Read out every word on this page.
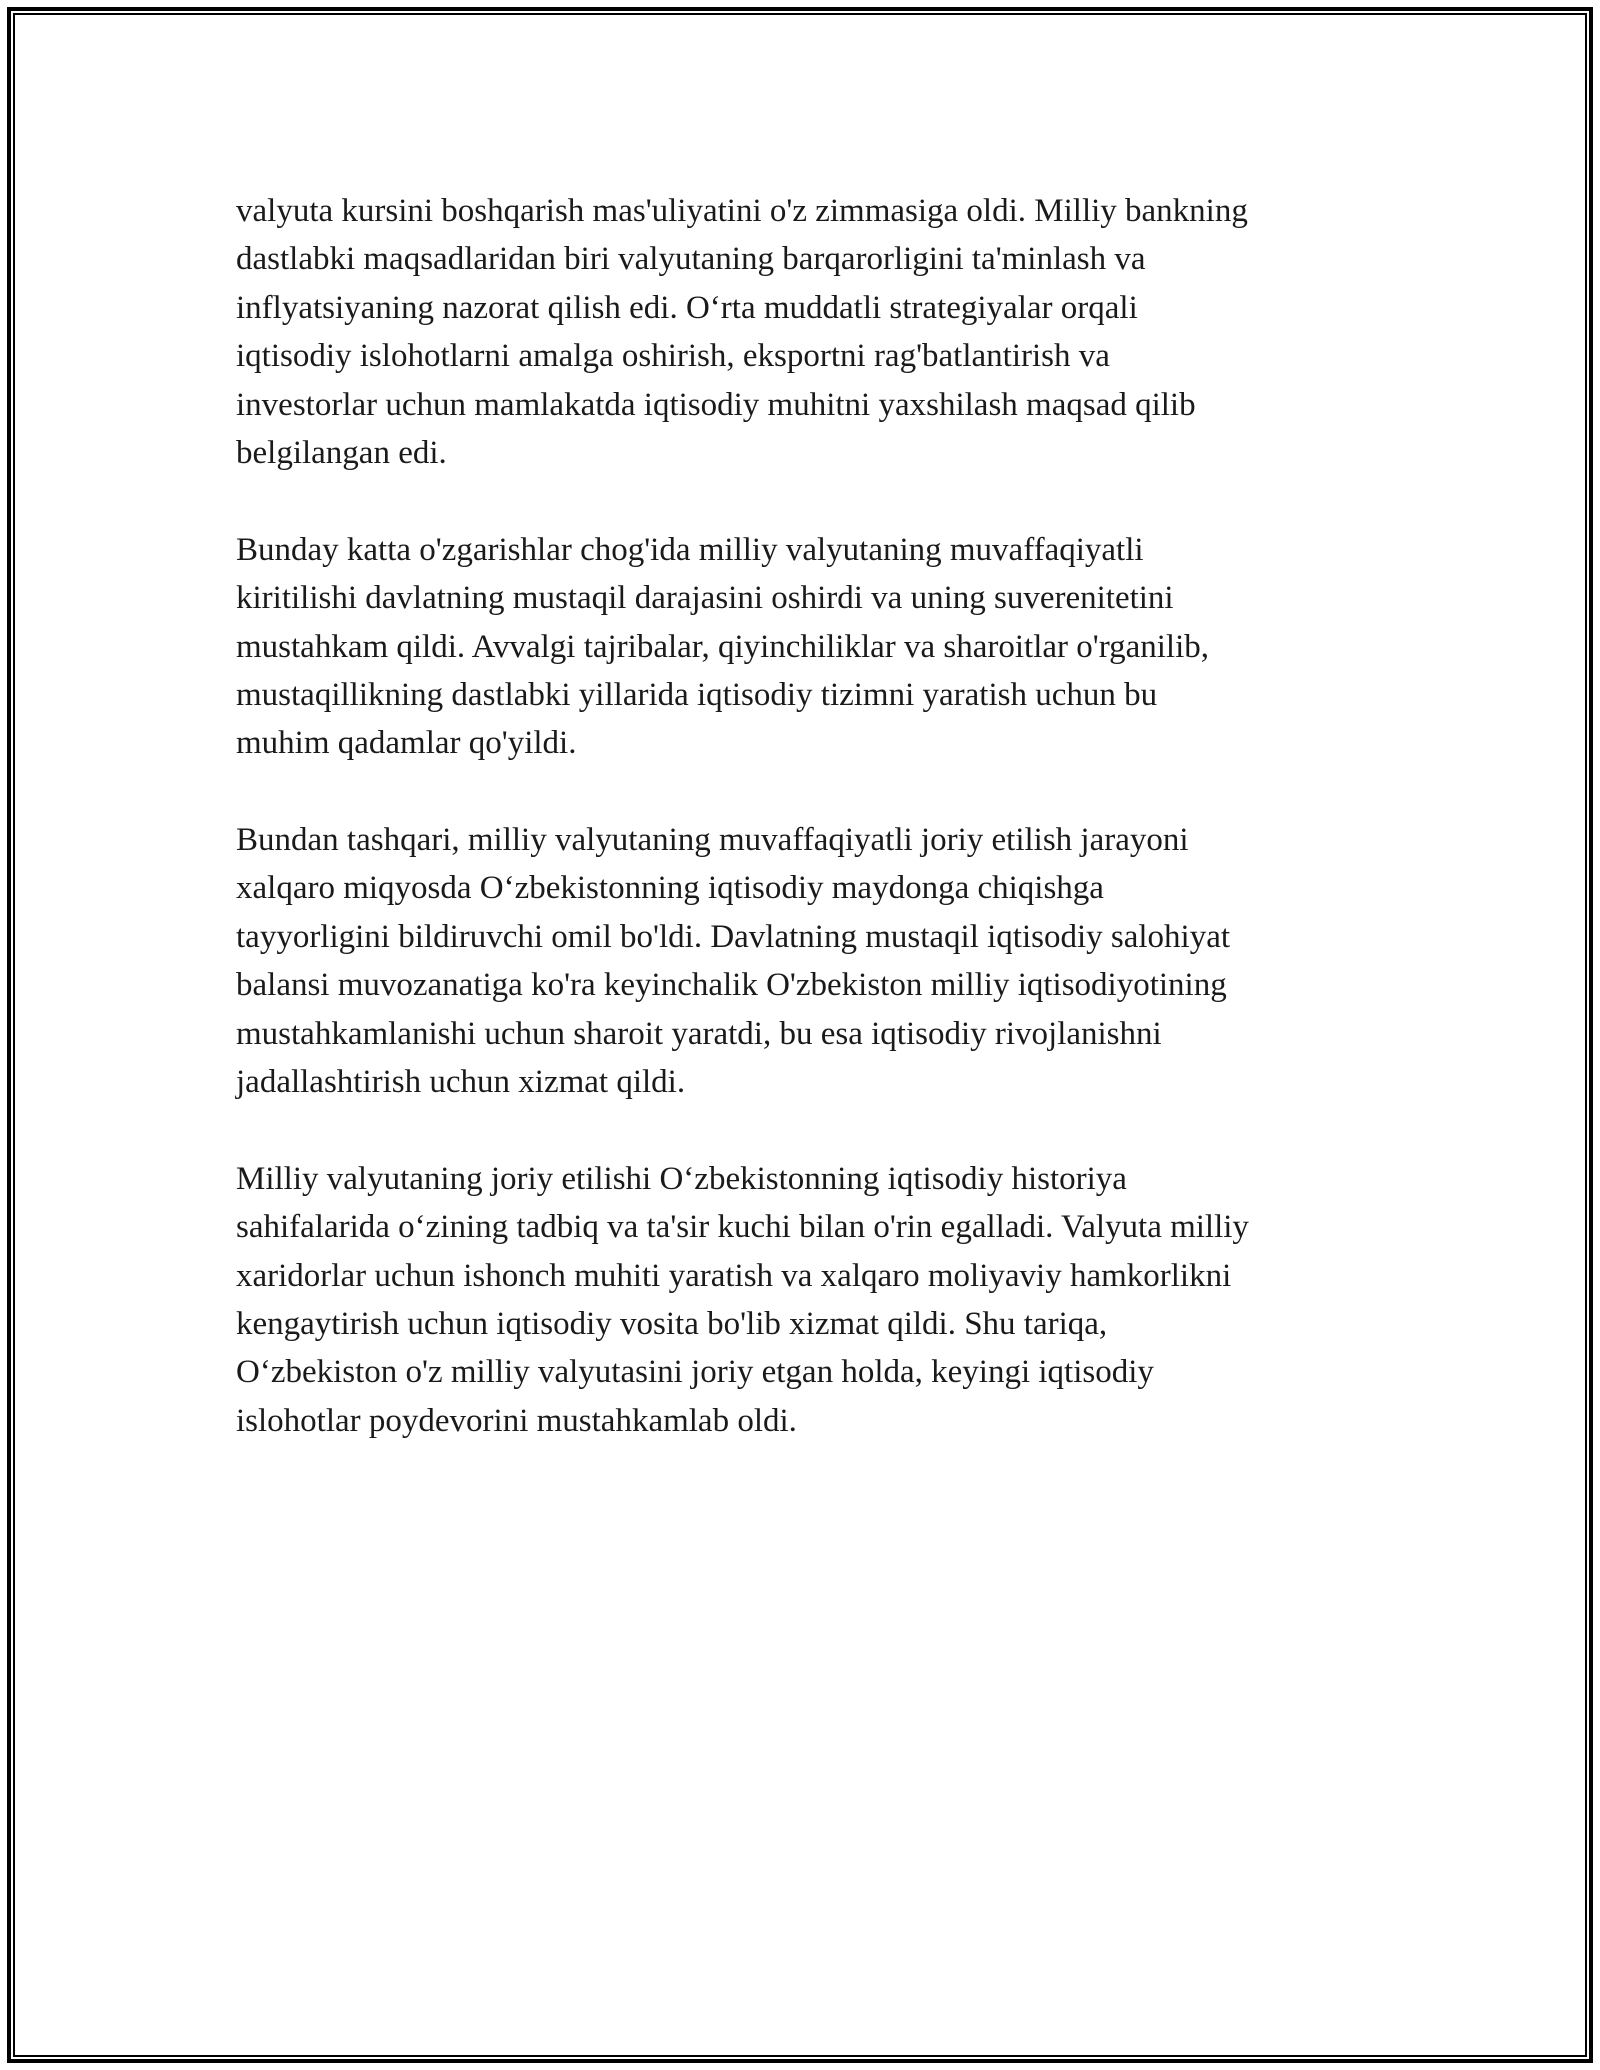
valyuta kursini boshqarish mas'uliyatini o'z zimmasiga oldi. Milliy bankning
dastlabki maqsadlaridan biri valyutaning barqarorligini ta'minlash va
inflyatsiyaning nazorat qilish edi. O‘rta muddatli strategiyalar orqali
iqtisodiy islohotlarni amalga oshirish, eksportni rag'batlantirish va
investorlar uchun mamlakatda iqtisodiy muhitni yaxshilash maqsad qilib
belgilangan edi.

Bunday katta o'zgarishlar chog'ida milliy valyutaning muvaffaqiyatli
kiritilishi davlatning mustaqil darajasini oshirdi va uning suverenitetini
mustahkam qildi. Avvalgi tajribalar, qiyinchiliklar va sharoitlar o'rganilib,
mustaqillikning dastlabki yillarida iqtisodiy tizimni yaratish uchun bu
muhim qadamlar qo'yildi.

Bundan tashqari, milliy valyutaning muvaffaqiyatli joriy etilish jarayoni
xalqaro miqyosda O‘zbekistonning iqtisodiy maydonga chiqishga
tayyorligini bildiruvchi omil bo'ldi. Davlatning mustaqil iqtisodiy salohiyat
balansi muvozanatiga ko'ra keyinchalik O'zbekiston milliy iqtisodiyotining
mustahkamlanishi uchun sharoit yaratdi, bu esa iqtisodiy rivojlanishni
jadallashtirish uchun xizmat qildi.

Milliy valyutaning joriy etilishi O‘zbekistonning iqtisodiy historiya
sahifalarida o‘zining tadbiq va ta'sir kuchi bilan o'rin egalladi. Valyuta milliy
xaridorlar uchun ishonch muhiti yaratish va xalqaro moliyaviy hamkorlikni
kengaytirish uchun iqtisodiy vosita bo'lib xizmat qildi. Shu tariqa,
O‘zbekiston o'z milliy valyutasini joriy etgan holda, keyingi iqtisodiy
islohotlar poydevorini mustahkamlab oldi.
